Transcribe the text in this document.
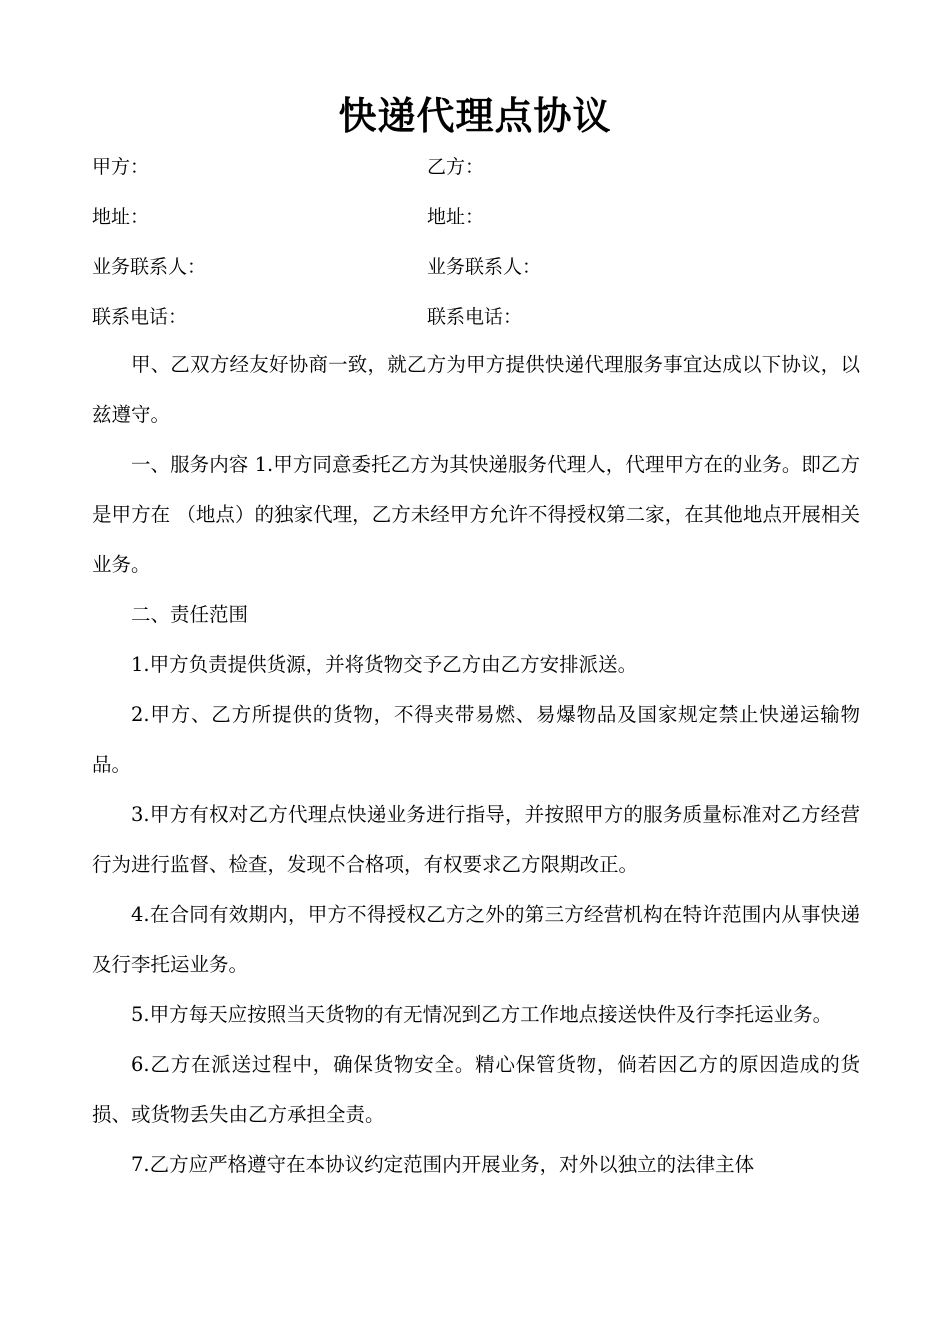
快递代理点协议
甲方：	乙方：
地址：	地址：
业务联系人：	业务联系人：
联系电话：	联系电话：

甲、乙双方经友好协商一致，就乙方为甲方提供快递代理服务事宜达成以下协议，以兹遵守。

一、服务内容 1.甲方同意委托乙方为其快递服务代理人，代理甲方在的业务。即乙方是甲方在 （地点）的独家代理，乙方未经甲方允许不得授权第二家，在其他地点开展相关业务。

二、责任范围

1.甲方负责提供货源，并将货物交予乙方由乙方安排派送。

2.甲方、乙方所提供的货物，不得夹带易燃、易爆物品及国家规定禁止快递运输物品。

3.甲方有权对乙方代理点快递业务进行指导，并按照甲方的服务质量标准对乙方经营行为进行监督、检查，发现不合格项，有权要求乙方限期改正。

4.在合同有效期内，甲方不得授权乙方之外的第三方经营机构在特许范围内从事快递及行李托运业务。

5.甲方每天应按照当天货物的有无情况到乙方工作地点接送快件及行李托运业务。

6.乙方在派送过程中，确保货物安全。精心保管货物，倘若因乙方的原因造成的货损、或货物丢失由乙方承担全责。

7.乙方应严格遵守在本协议约定范围内开展业务，对外以独立的法律主体
